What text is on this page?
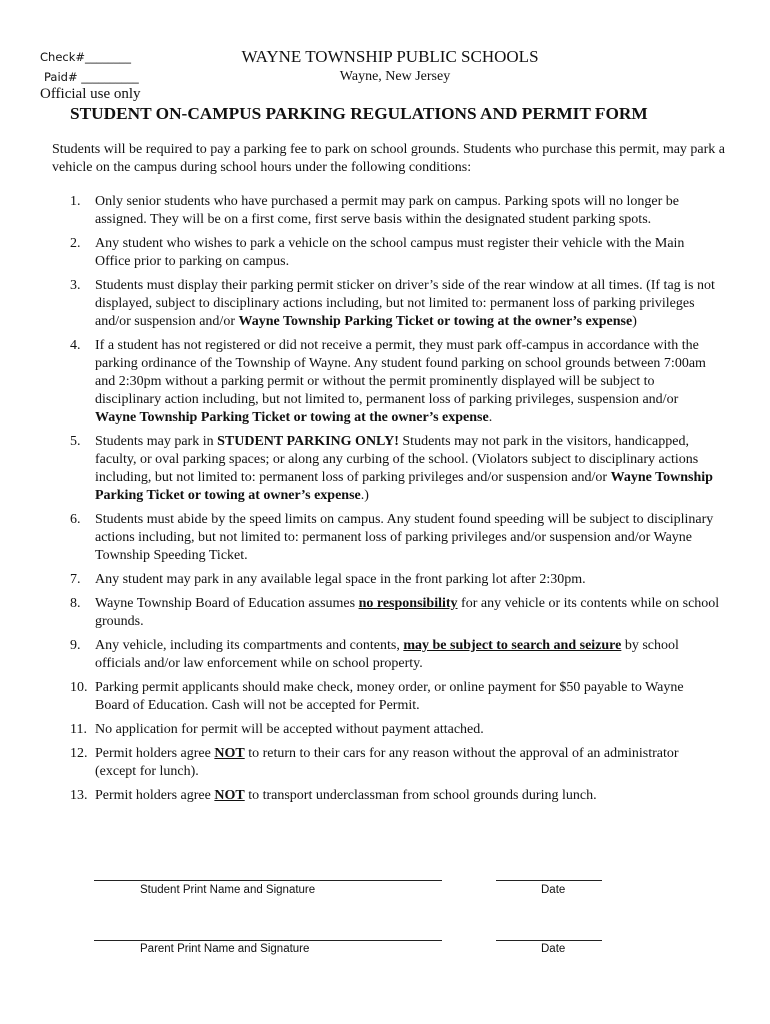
Check#________
Paid# __________
Official use only
WAYNE TOWNSHIP PUBLIC SCHOOLS
Wayne, New Jersey
STUDENT ON-CAMPUS PARKING REGULATIONS AND PERMIT FORM
Students will be required to pay a parking fee to park on school grounds. Students who purchase this permit, may park a vehicle on the campus during school hours under the following conditions:
1. Only senior students who have purchased a permit may park on campus. Parking spots will no longer be assigned. They will be on a first come, first serve basis within the designated student parking spots.
2. Any student who wishes to park a vehicle on the school campus must register their vehicle with the Main Office prior to parking on campus.
3. Students must display their parking permit sticker on driver’s side of the rear window at all times. (If tag is not displayed, subject to disciplinary actions including, but not limited to: permanent loss of parking privileges and/or suspension and/or Wayne Township Parking Ticket or towing at the owner’s expense)
4. If a student has not registered or did not receive a permit, they must park off-campus in accordance with the parking ordinance of the Township of Wayne. Any student found parking on school grounds between 7:00am and 2:30pm without a parking permit or without the permit prominently displayed will be subject to disciplinary action including, but not limited to, permanent loss of parking privileges, suspension and/or Wayne Township Parking Ticket or towing at the owner’s expense.
5. Students may park in STUDENT PARKING ONLY! Students may not park in the visitors, handicapped, faculty, or oval parking spaces; or along any curbing of the school. (Violators subject to disciplinary actions including, but not limited to: permanent loss of parking privileges and/or suspension and/or Wayne Township Parking Ticket or towing at owner’s expense.)
6. Students must abide by the speed limits on campus. Any student found speeding will be subject to disciplinary actions including, but not limited to: permanent loss of parking privileges and/or suspension and/or Wayne Township Speeding Ticket.
7. Any student may park in any available legal space in the front parking lot after 2:30pm.
8. Wayne Township Board of Education assumes no responsibility for any vehicle or its contents while on school grounds.
9. Any vehicle, including its compartments and contents, may be subject to search and seizure by school officials and/or law enforcement while on school property.
10. Parking permit applicants should make check, money order, or online payment for $50 payable to Wayne Board of Education. Cash will not be accepted for Permit.
11. No application for permit will be accepted without payment attached.
12. Permit holders agree NOT to return to their cars for any reason without the approval of an administrator (except for lunch).
13. Permit holders agree NOT to transport underclassman from school grounds during lunch.
Student Print Name and Signature	Date
Parent Print Name and Signature	Date
